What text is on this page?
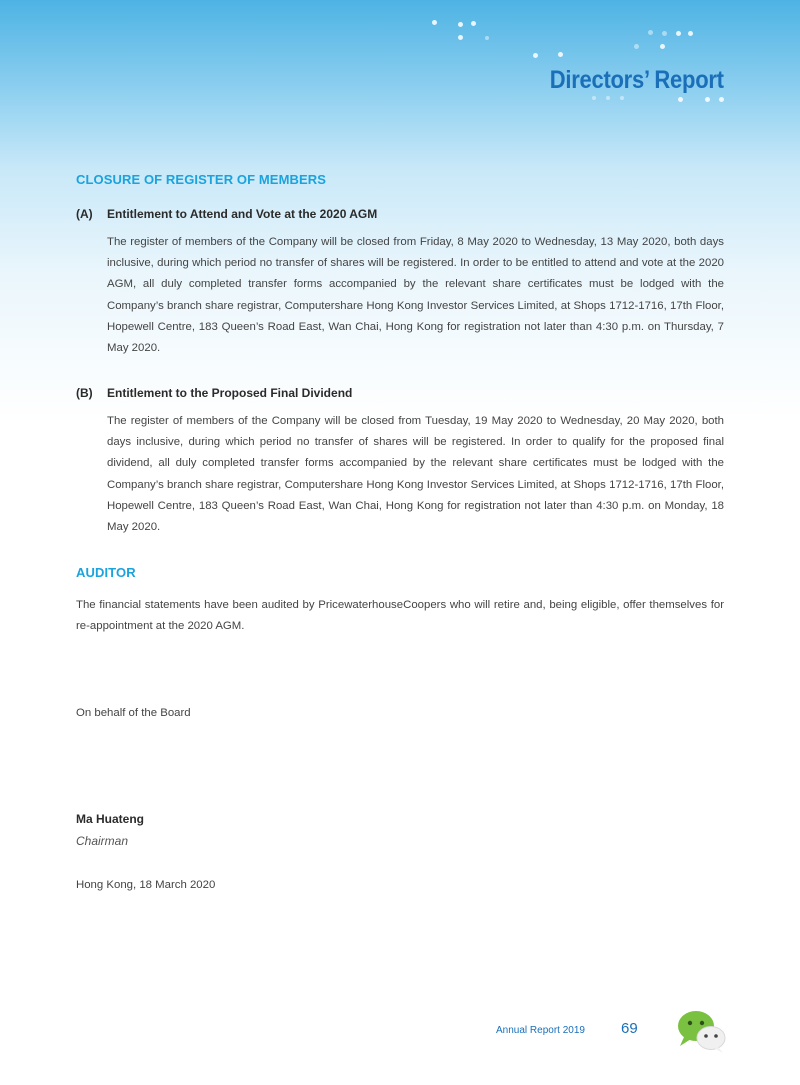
Directors’ Report
CLOSURE OF REGISTER OF MEMBERS
(A) Entitlement to Attend and Vote at the 2020 AGM

The register of members of the Company will be closed from Friday, 8 May 2020 to Wednesday, 13 May 2020, both days inclusive, during which period no transfer of shares will be registered. In order to be entitled to attend and vote at the 2020 AGM, all duly completed transfer forms accompanied by the relevant share certificates must be lodged with the Company’s branch share registrar, Computershare Hong Kong Investor Services Limited, at Shops 1712-1716, 17th Floor, Hopewell Centre, 183 Queen’s Road East, Wan Chai, Hong Kong for registration not later than 4:30 p.m. on Thursday, 7 May 2020.

(B) Entitlement to the Proposed Final Dividend

The register of members of the Company will be closed from Tuesday, 19 May 2020 to Wednesday, 20 May 2020, both days inclusive, during which period no transfer of shares will be registered. In order to qualify for the proposed final dividend, all duly completed transfer forms accompanied by the relevant share certificates must be lodged with the Company’s branch share registrar, Computershare Hong Kong Investor Services Limited, at Shops 1712-1716, 17th Floor, Hopewell Centre, 183 Queen’s Road East, Wan Chai, Hong Kong for registration not later than 4:30 p.m. on Monday, 18 May 2020.

AUDITOR

The financial statements have been audited by PricewaterhouseCoopers who will retire and, being eligible, offer themselves for re-appointment at the 2020 AGM.

On behalf of the Board
Ma Huateng
Chairman
Hong Kong, 18 March 2020
Annual Report 2019 69
